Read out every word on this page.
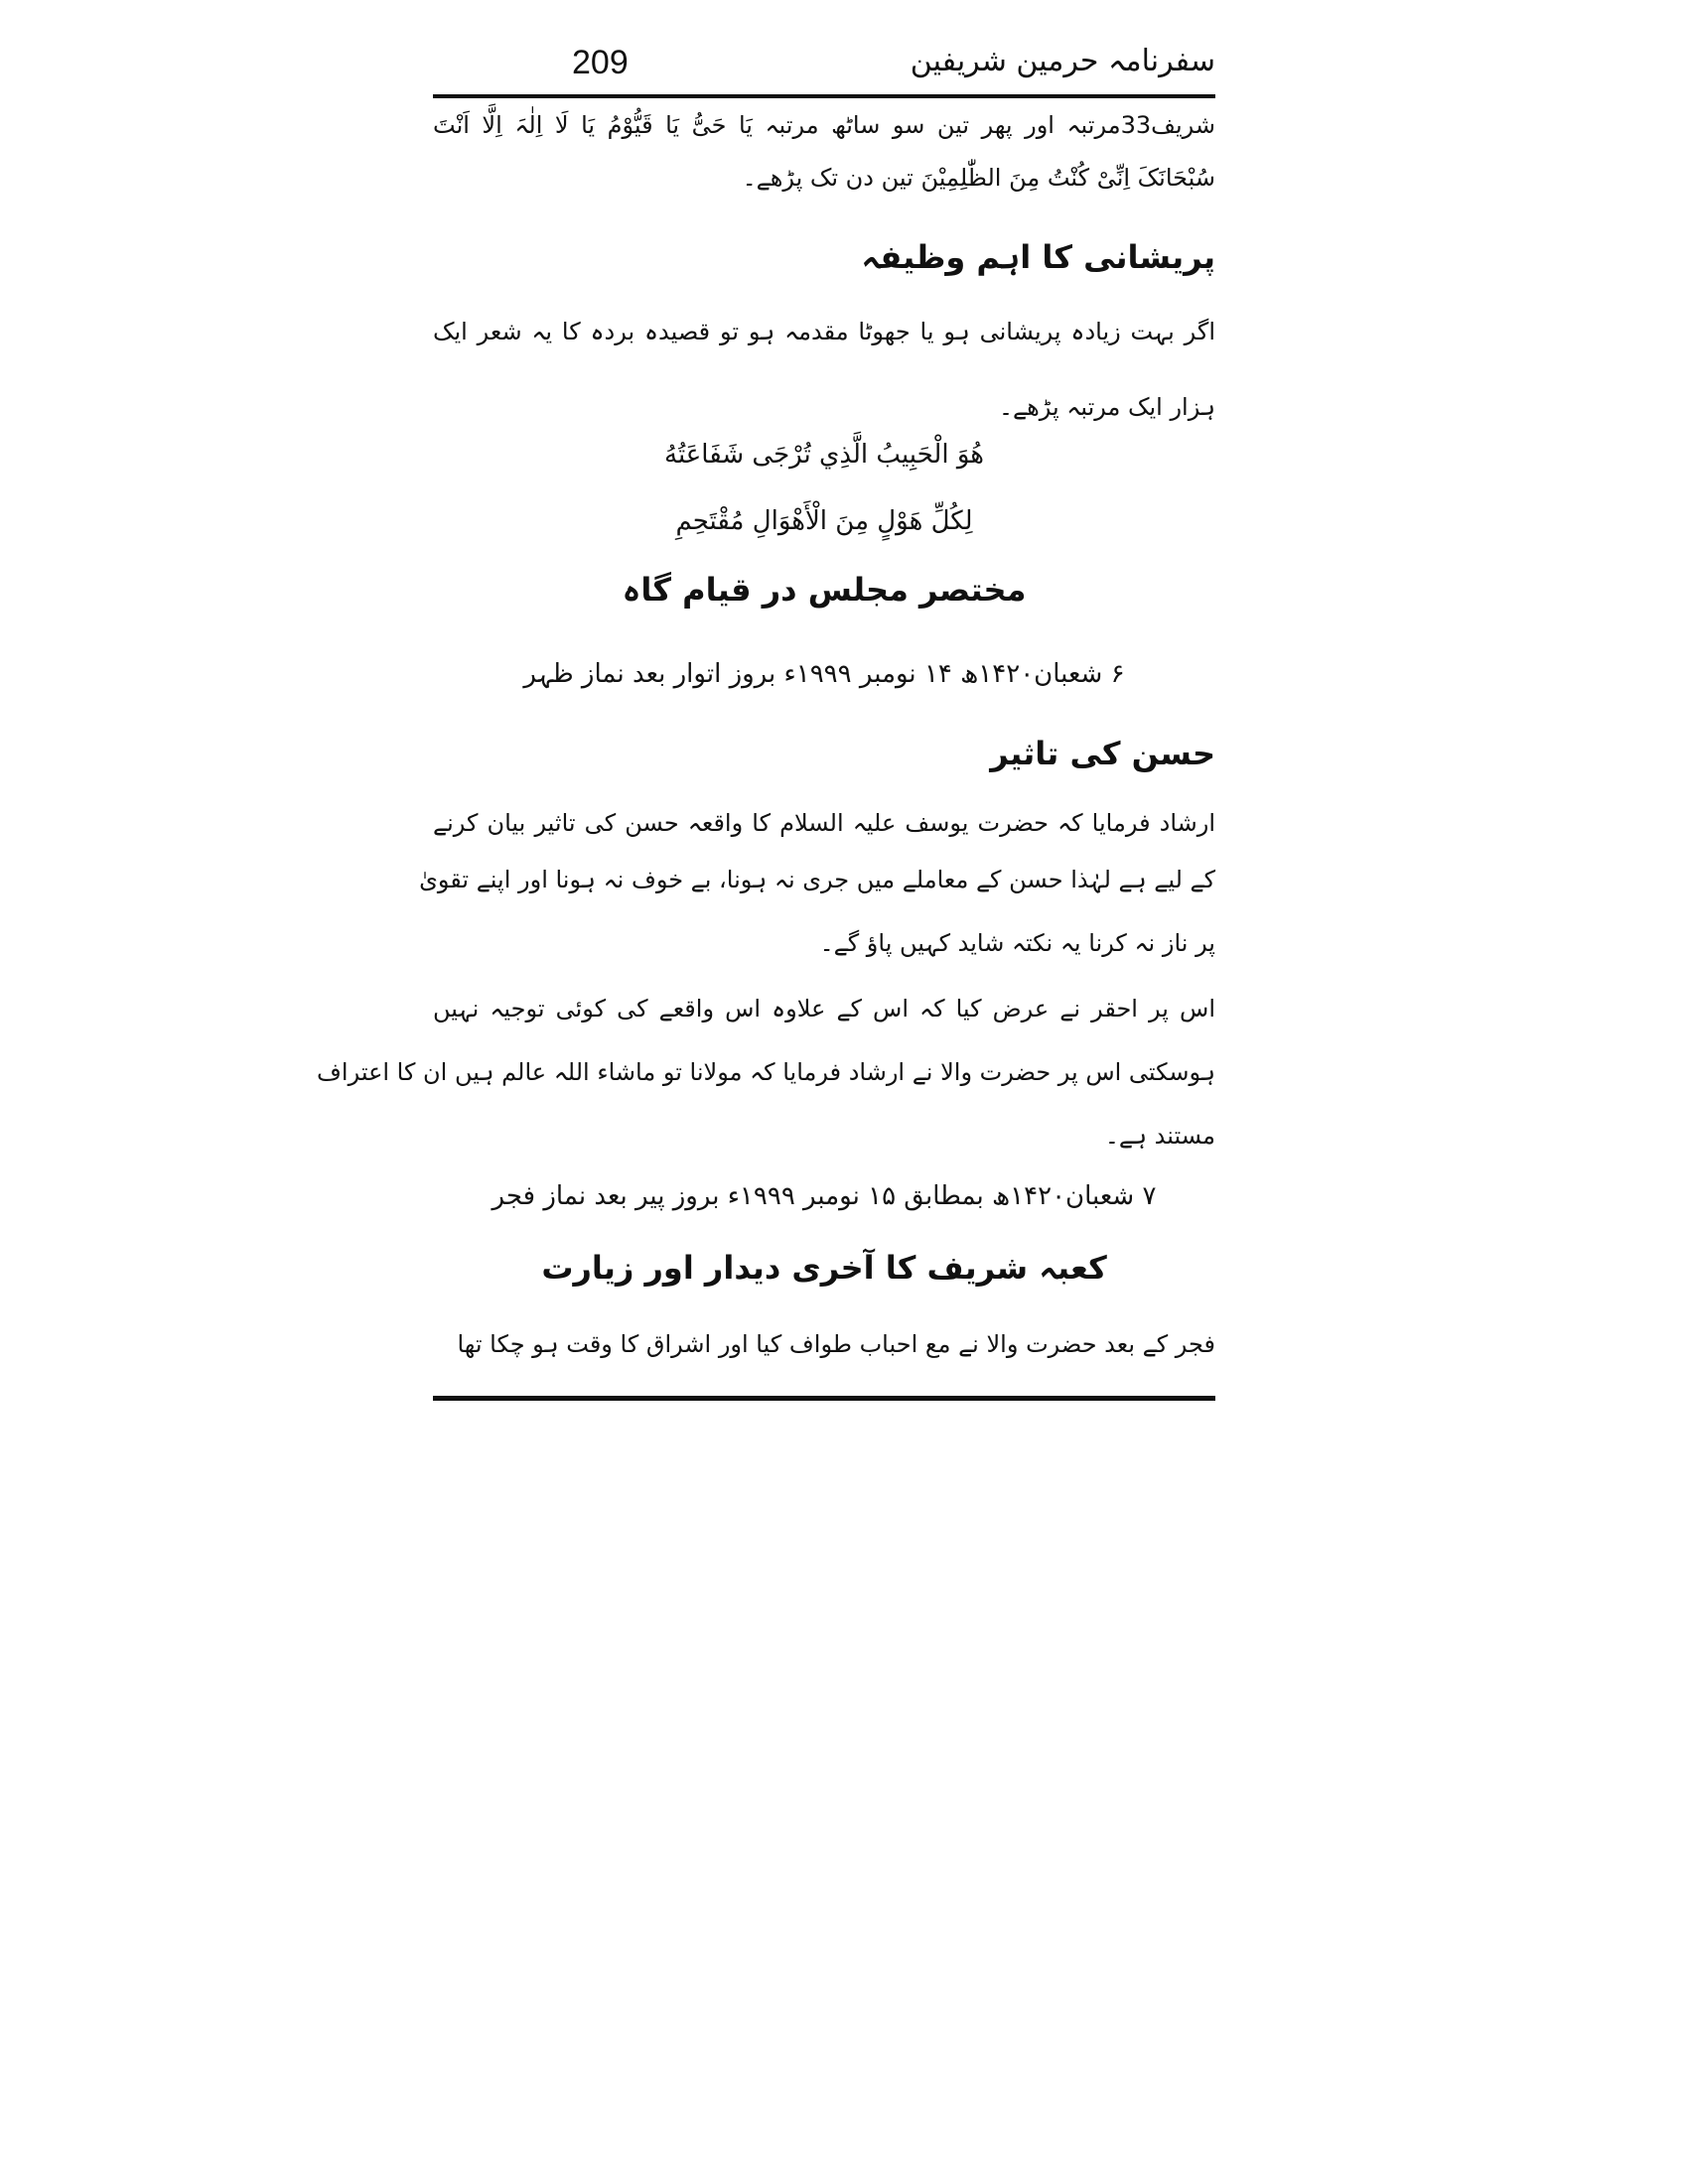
209	سفرنامہ حرمین شریفین
شریف33مرتبہ اور پھر تین سو ساٹھ مرتبہ یَا حَیُّ یَا قَیُّوْمُ یَا لَا اِلٰہَ اِلَّا اَنْتَ
سُبْحَانَکَ اِنِّیْ کُنْتُ مِنَ الظّٰلِمِیْنَ تین دن تک پڑھے۔
پریشانی کا اہم وظیفہ
اگر بہت زیادہ پریشانی ہو یا جھوٹا مقدمہ ہو تو قصیدہ بردہ کا یہ شعر ایک
ہزار ایک مرتبہ پڑھے۔
هُوَ الْحَبِيبُ الَّذِي تُرْجَى شَفَاعَتُهُ
لِكُلِّ هَوْلٍ مِنَ الْأَهْوَالِ مُقْتَحِمِ
مختصر مجلس در قیام گاہ
۶ شعبان۱۴۲۰ھ ۱۴ نومبر ۱۹۹۹ء بروز اتوار بعد نماز ظہر
حسن کی تاثیر
ارشاد فرمایا کہ حضرت یوسف علیہ السلام کا واقعہ حسن کی تاثیر بیان کرنے
کے لیے ہے لہٰذا حسن کے معاملے میں جری نہ ہونا، بے خوف نہ ہونا اور اپنے تقویٰ
پر ناز نہ کرنا یہ نکتہ شاید کہیں پاؤ گے۔
اس پر احقر نے عرض کیا کہ اس کے علاوہ اس واقعے کی کوئی توجیہ نہیں
ہوسکتی اس پر حضرت والا نے ارشاد فرمایا کہ مولانا تو ماشاء اللہ عالم ہیں ان کا اعتراف
مستند ہے۔
۷ شعبان۱۴۲۰ھ بمطابق ۱۵ نومبر ۱۹۹۹ء بروز پیر بعد نماز فجر
کعبہ شریف کا آخری دیدار اور زیارت
فجر کے بعد حضرت والا نے مع احباب طواف کیا اور اشراق کا وقت ہو چکا تھا
